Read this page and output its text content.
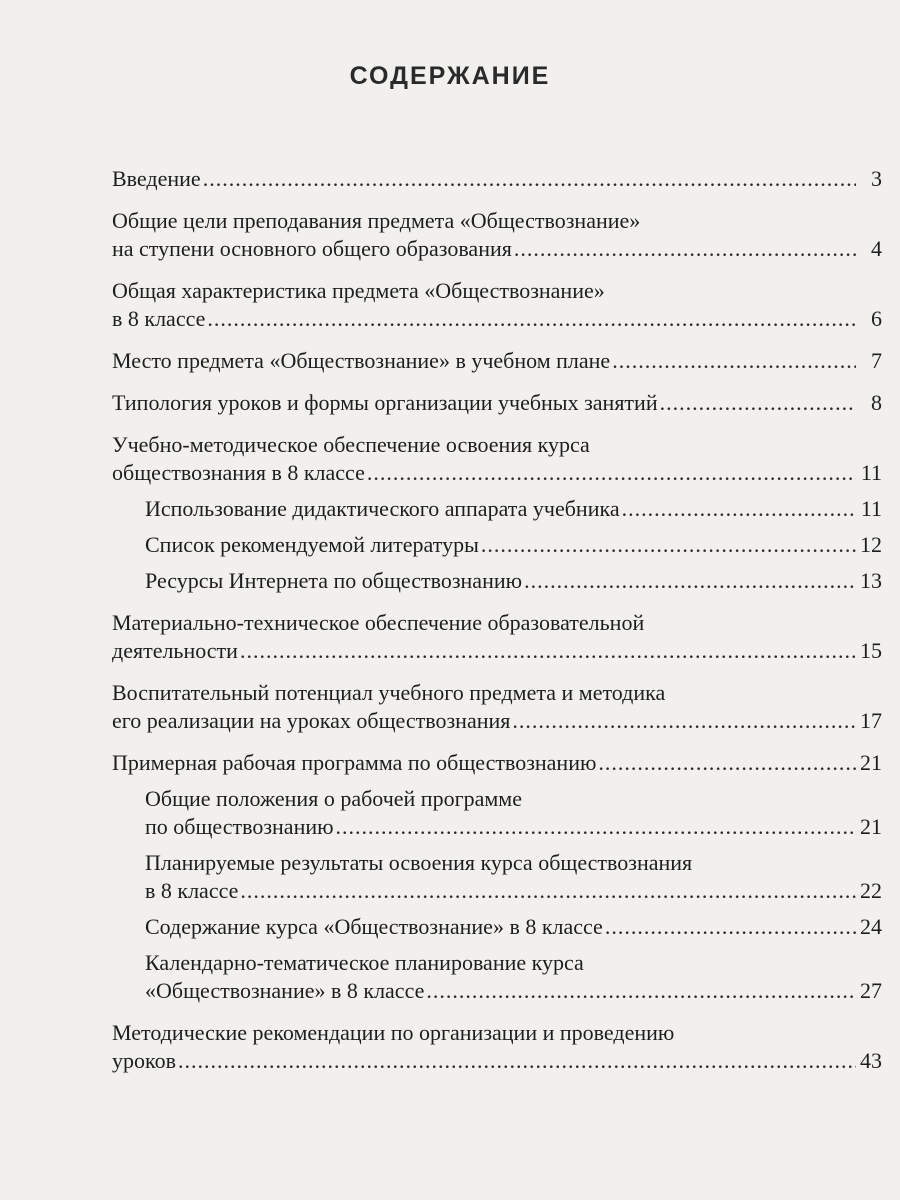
СОДЕРЖАНИЕ
Введение .....	3
Общие цели преподавания предмета «Обществознание»
на ступени основного общего образования .....	4
Общая характеристика предмета «Обществознание»
в 8 классе .....	6
Место предмета «Обществознание» в учебном плане .....	7
Типология уроков и формы организации учебных занятий .....	8
Учебно-методическое обеспечение освоения курса
обществознания в 8 классе .....	11
Использование дидактического аппарата учебника .....	11
Список рекомендуемой литературы .....	12
Ресурсы Интернета по обществознанию .....	13
Материально-техническое обеспечение образовательной
деятельности .....	15
Воспитательный потенциал учебного предмета и методика
его реализации на уроках обществознания .....	17
Примерная рабочая программа по обществознанию .....	21
Общие положения о рабочей программе
по обществознанию .....	21
Планируемые результаты освоения курса обществознания
в 8 классе .....	22
Содержание курса «Обществознание» в 8 классе .....	24
Календарно-тематическое планирование курса
«Обществознание» в 8 классе .....	27
Методические рекомендации по организации и проведению
уроков .....	43
